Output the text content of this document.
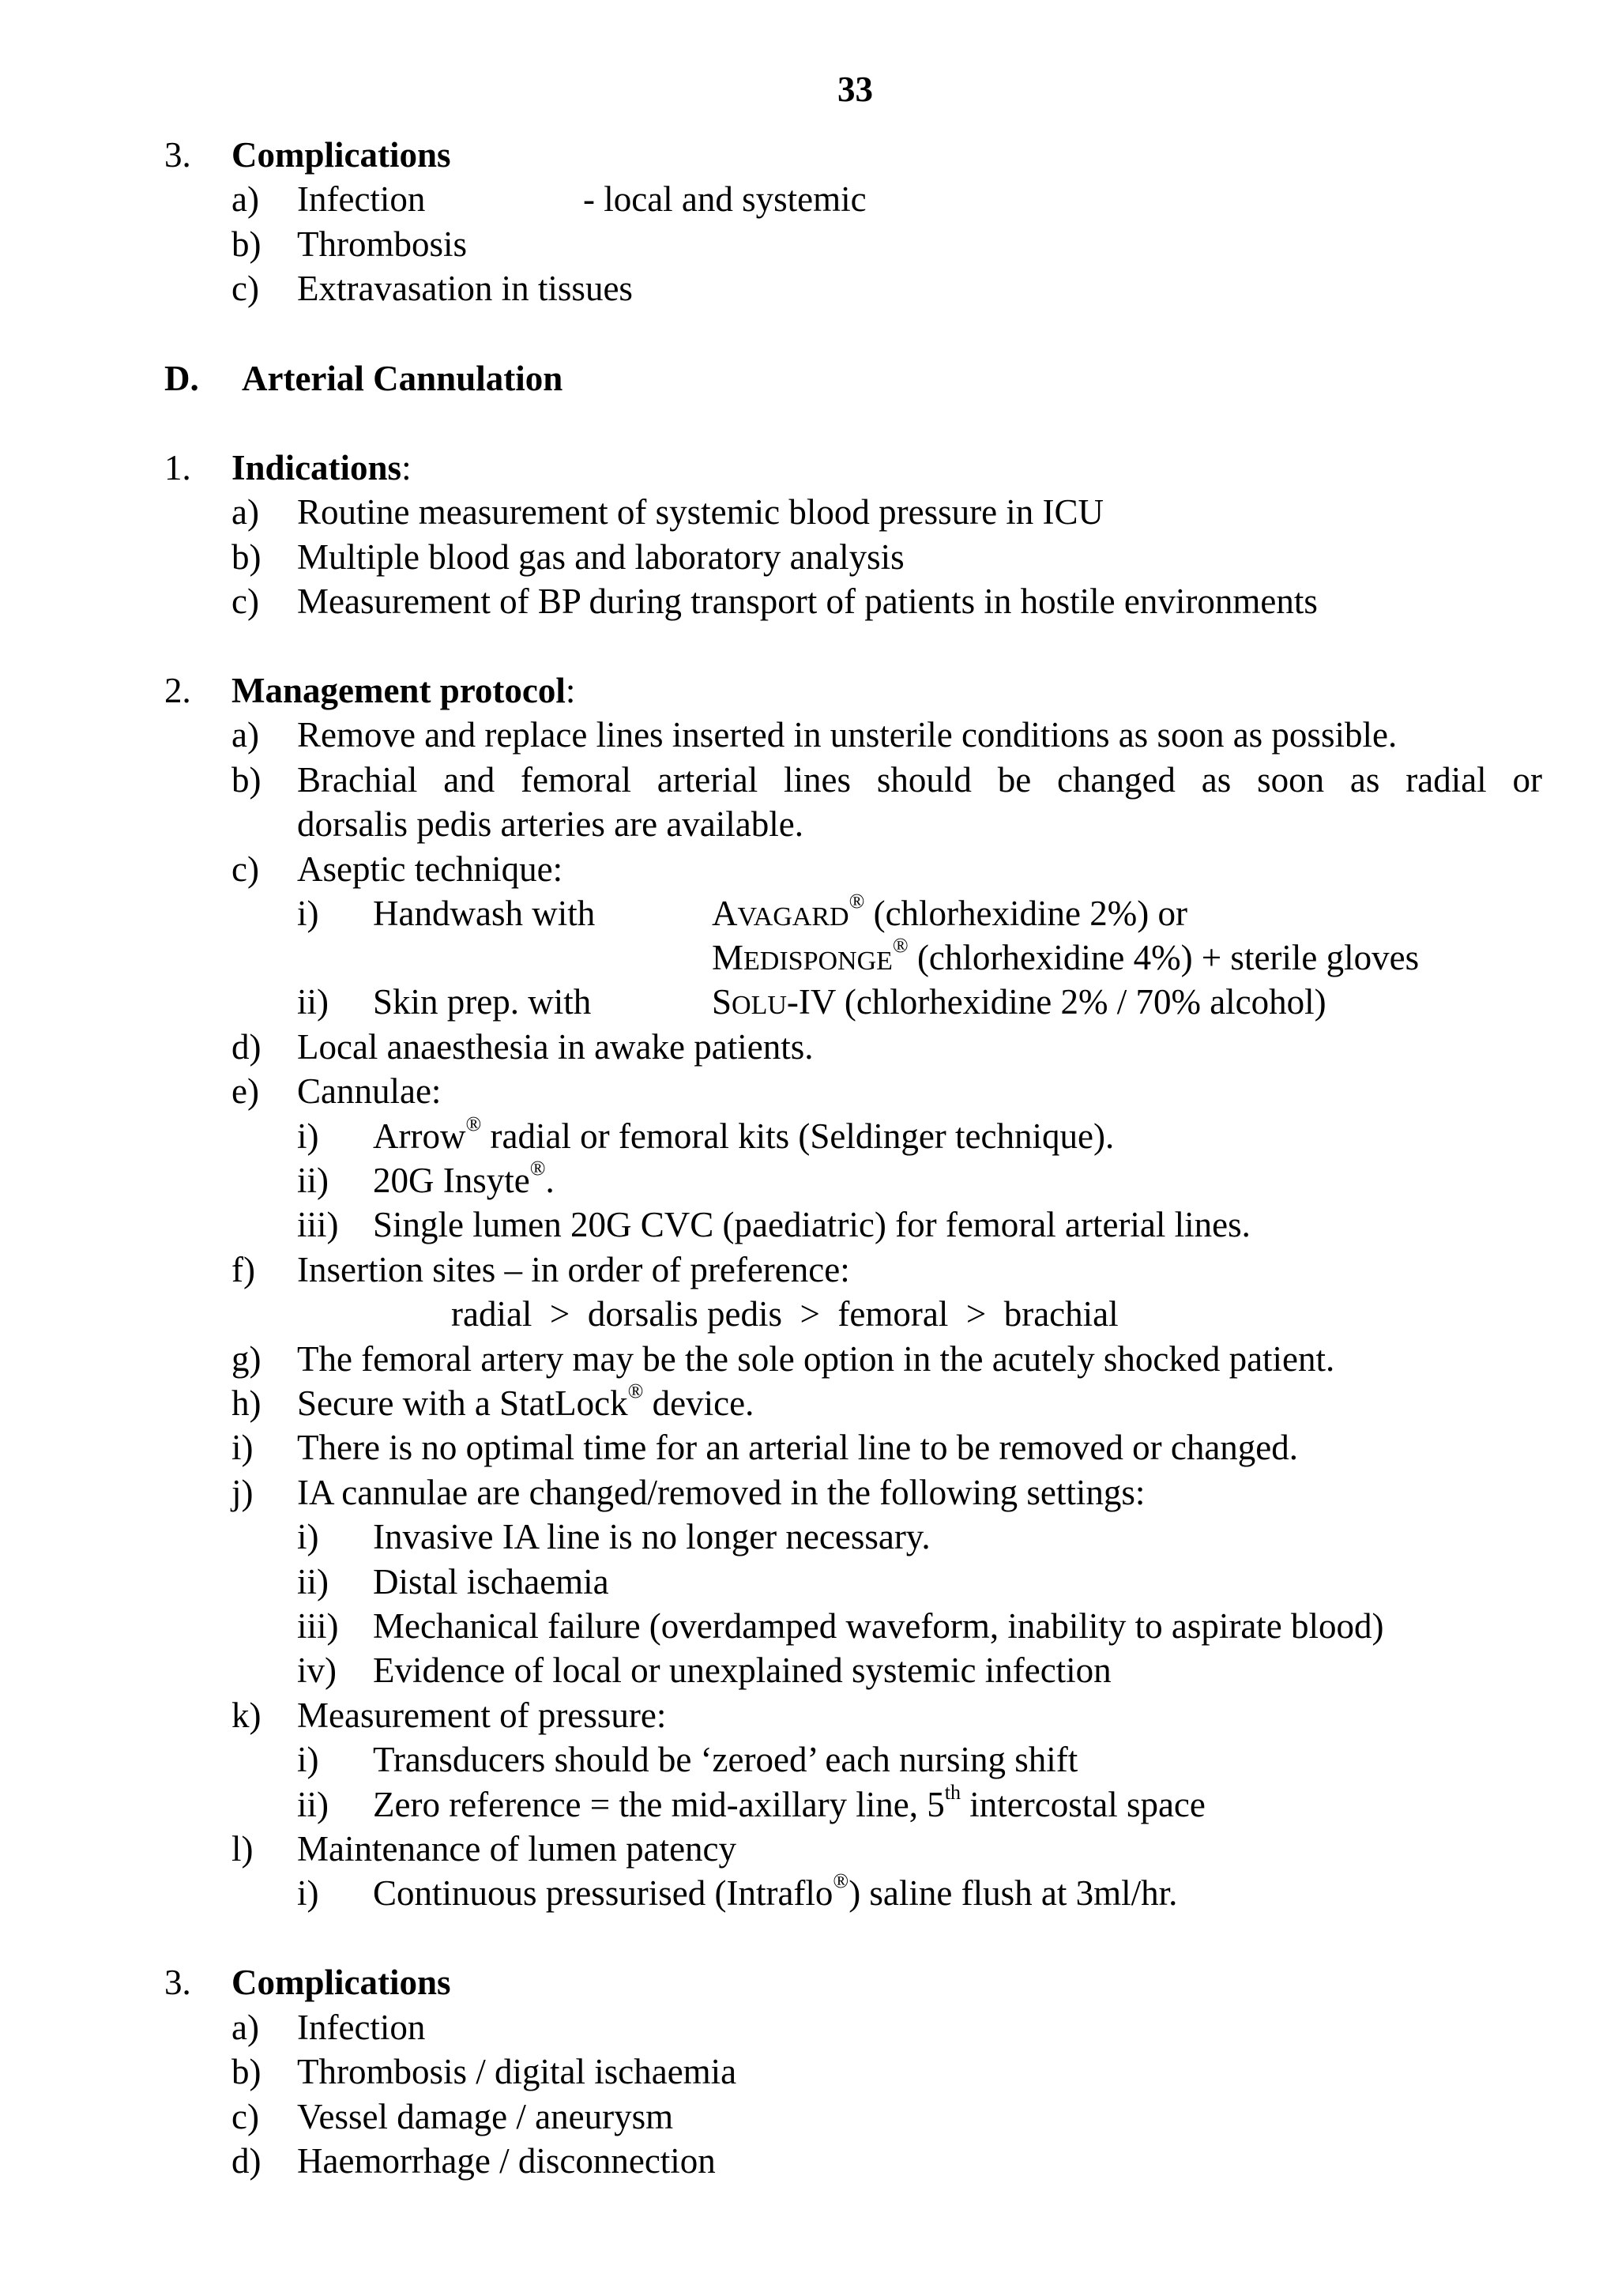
33
3. Complications
a) Infection	- local and systemic
b) Thrombosis
c) Extravasation in tissues
D. Arterial Cannulation
1. Indications:
a) Routine measurement of systemic blood pressure in ICU
b) Multiple blood gas and laboratory analysis
c) Measurement of BP during transport of patients in hostile environments
2. Management protocol:
a) Remove and replace lines inserted in unsterile conditions as soon as possible.
b) Brachial and femoral arterial lines should be changed as soon as radial or
dorsalis pedis arteries are available.
c) Aseptic technique:
i) Handwash with	AVAGARD® (chlorhexidine 2%) or
MEDISPONGE® (chlorhexidine 4%) + sterile gloves
ii) Skin prep. with	SOLU-IV (chlorhexidine 2% / 70% alcohol)
d) Local anaesthesia in awake patients.
e) Cannulae:
i) Arrow® radial or femoral kits (Seldinger technique).
ii) 20G Insyte®.
iii) Single lumen 20G CVC (paediatric) for femoral arterial lines.
f) Insertion sites – in order of preference:
radial  >  dorsalis pedis  >  femoral  >  brachial
g) The femoral artery may be the sole option in the acutely shocked patient.
h) Secure with a StatLock® device.
i) There is no optimal time for an arterial line to be removed or changed.
j) IA cannulae are changed/removed in the following settings:
i) Invasive IA line is no longer necessary.
ii) Distal ischaemia
iii) Mechanical failure (overdamped waveform, inability to aspirate blood)
iv) Evidence of local or unexplained systemic infection
k) Measurement of pressure:
i) Transducers should be ‘zeroed’ each nursing shift
ii) Zero reference = the mid-axillary line, 5th intercostal space
l) Maintenance of lumen patency
i) Continuous pressurised (Intraflo®) saline flush at 3ml/hr.
3. Complications
a) Infection
b) Thrombosis / digital ischaemia
c) Vessel damage / aneurysm
d) Haemorrhage / disconnection
